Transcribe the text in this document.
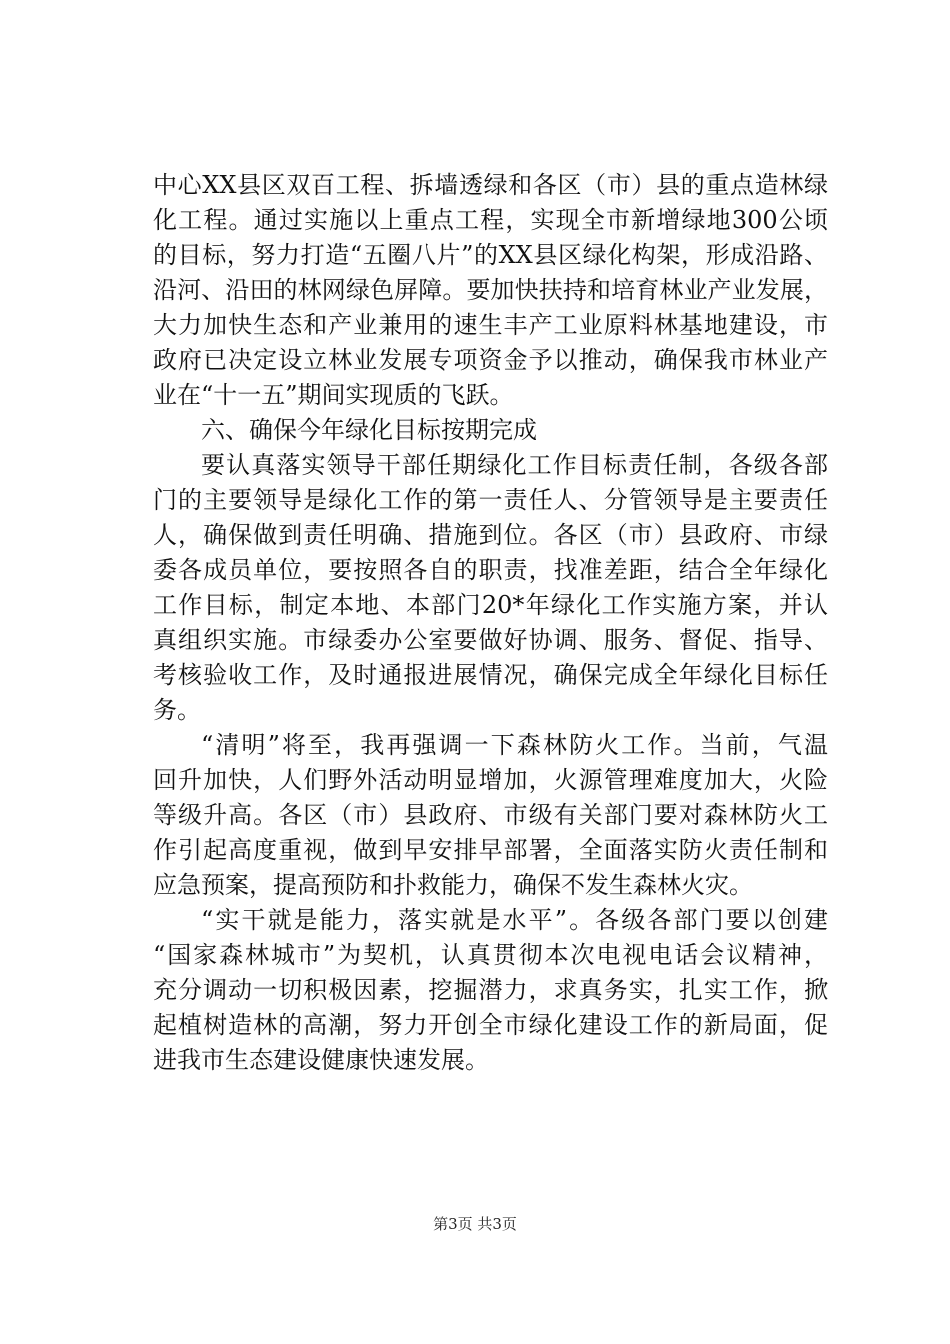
中心XX县区双百工程、拆墙透绿和各区（市）县的重点造林绿
化工程。通过实施以上重点工程，实现全市新增绿地300公顷
的目标，努力打造“五圈八片”的XX县区绿化构架，形成沿路、
沿河、沿田的林网绿色屏障。要加快扶持和培育林业产业发展，
大力加快生态和产业兼用的速生丰产工业原料林基地建设，市
政府已决定设立林业发展专项资金予以推动，确保我市林业产
业在“十一五”期间实现质的飞跃。
六、确保今年绿化目标按期完成
要认真落实领导干部任期绿化工作目标责任制，各级各部
门的主要领导是绿化工作的第一责任人、分管领导是主要责任
人，确保做到责任明确、措施到位。各区（市）县政府、市绿
委各成员单位，要按照各自的职责，找准差距，结合全年绿化
工作目标，制定本地、本部门20*年绿化工作实施方案，并认
真组织实施。市绿委办公室要做好协调、服务、督促、指导、
考核验收工作，及时通报进展情况，确保完成全年绿化目标任
务。
“清明”将至，我再强调一下森林防火工作。当前，气温
回升加快，人们野外活动明显增加，火源管理难度加大，火险
等级升高。各区（市）县政府、市级有关部门要对森林防火工
作引起高度重视，做到早安排早部署，全面落实防火责任制和
应急预案，提高预防和扑救能力，确保不发生森林火灾。
“实干就是能力，落实就是水平”。各级各部门要以创建
“国家森林城市”为契机，认真贯彻本次电视电话会议精神，
充分调动一切积极因素，挖掘潜力，求真务实，扎实工作，掀
起植树造林的高潮，努力开创全市绿化建设工作的新局面，促
进我市生态建设健康快速发展。
第3页 共3页
